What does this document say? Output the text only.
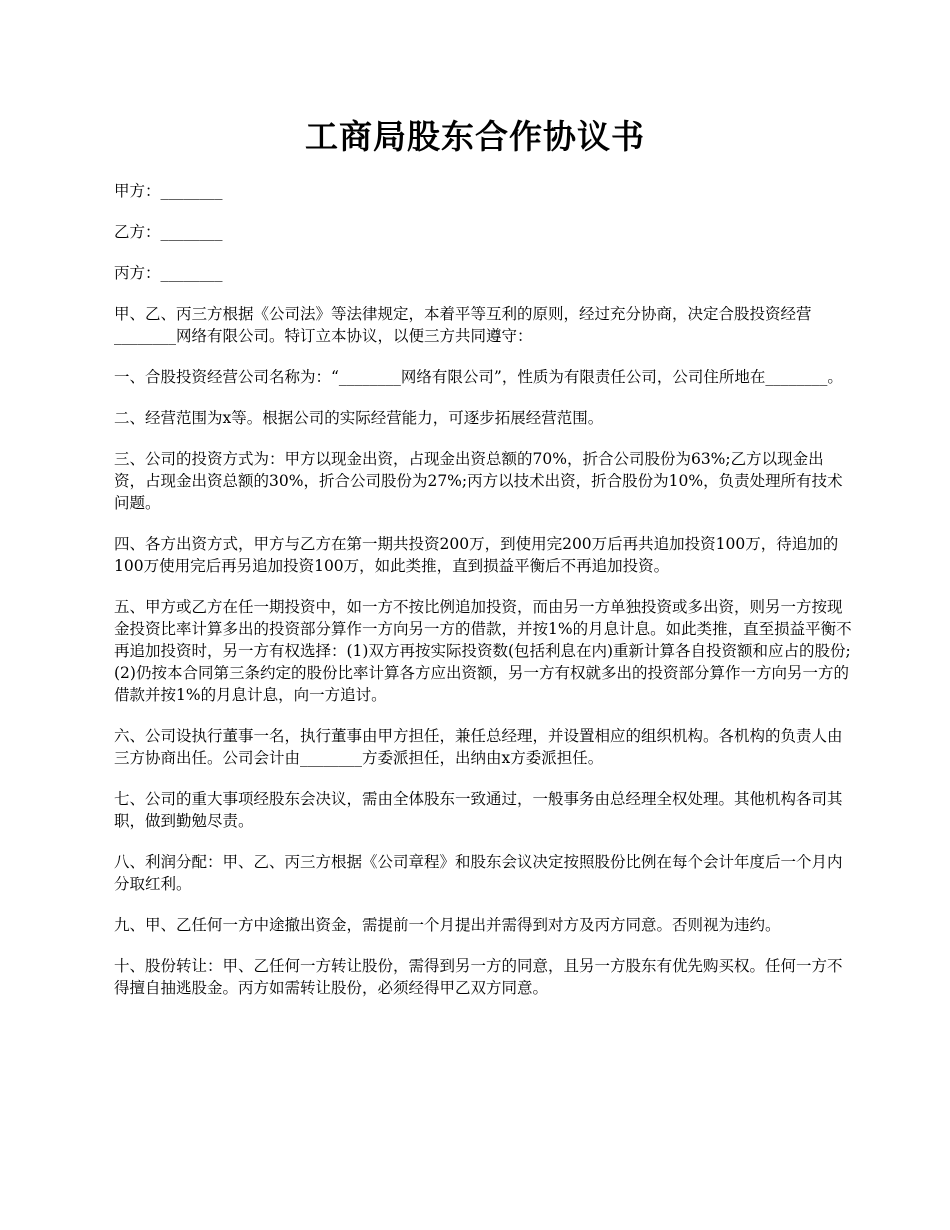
工商局股东合作协议书

甲方：________

乙方：________

丙方：________

甲、乙、丙三方根据《公司法》等法律规定，本着平等互利的原则，经过充分协商，决定合股投资经营________网络有限公司。特订立本协议，以便三方共同遵守：

一、合股投资经营公司名称为：“________网络有限公司”，性质为有限责任公司，公司住所地在________。

二、经营范围为x等。根据公司的实际经营能力，可逐步拓展经营范围。

三、公司的投资方式为：甲方以现金出资，占现金出资总额的70%，折合公司股份为63%;乙方以现金出资，占现金出资总额的30%，折合公司股份为27%;丙方以技术出资，折合股份为10%，负责处理所有技术问题。

四、各方出资方式，甲方与乙方在第一期共投资200万，到使用完200万后再共追加投资100万，待追加的100万使用完后再另追加投资100万，如此类推，直到损益平衡后不再追加投资。

五、甲方或乙方在任一期投资中，如一方不按比例追加投资，而由另一方单独投资或多出资，则另一方按现金投资比率计算多出的投资部分算作一方向另一方的借款，并按1%的月息计息。如此类推，直至损益平衡不再追加投资时，另一方有权选择：(1)双方再按实际投资数(包括利息在内)重新计算各自投资额和应占的股份;(2)仍按本合同第三条约定的股份比率计算各方应出资额，另一方有权就多出的投资部分算作一方向另一方的借款并按1%的月息计息，向一方追讨。

六、公司设执行董事一名，执行董事由甲方担任，兼任总经理，并设置相应的组织机构。各机构的负责人由三方协商出任。公司会计由________方委派担任，出纳由x方委派担任。

七、公司的重大事项经股东会决议，需由全体股东一致通过，一般事务由总经理全权处理。其他机构各司其职，做到勤勉尽责。

八、利润分配：甲、乙、丙三方根据《公司章程》和股东会议决定按照股份比例在每个会计年度后一个月内分取红利。

九、甲、乙任何一方中途撤出资金，需提前一个月提出并需得到对方及丙方同意。否则视为违约。

十、股份转让：甲、乙任何一方转让股份，需得到另一方的同意，且另一方股东有优先购买权。任何一方不得擅自抽逃股金。丙方如需转让股份，必须经得甲乙双方同意。
